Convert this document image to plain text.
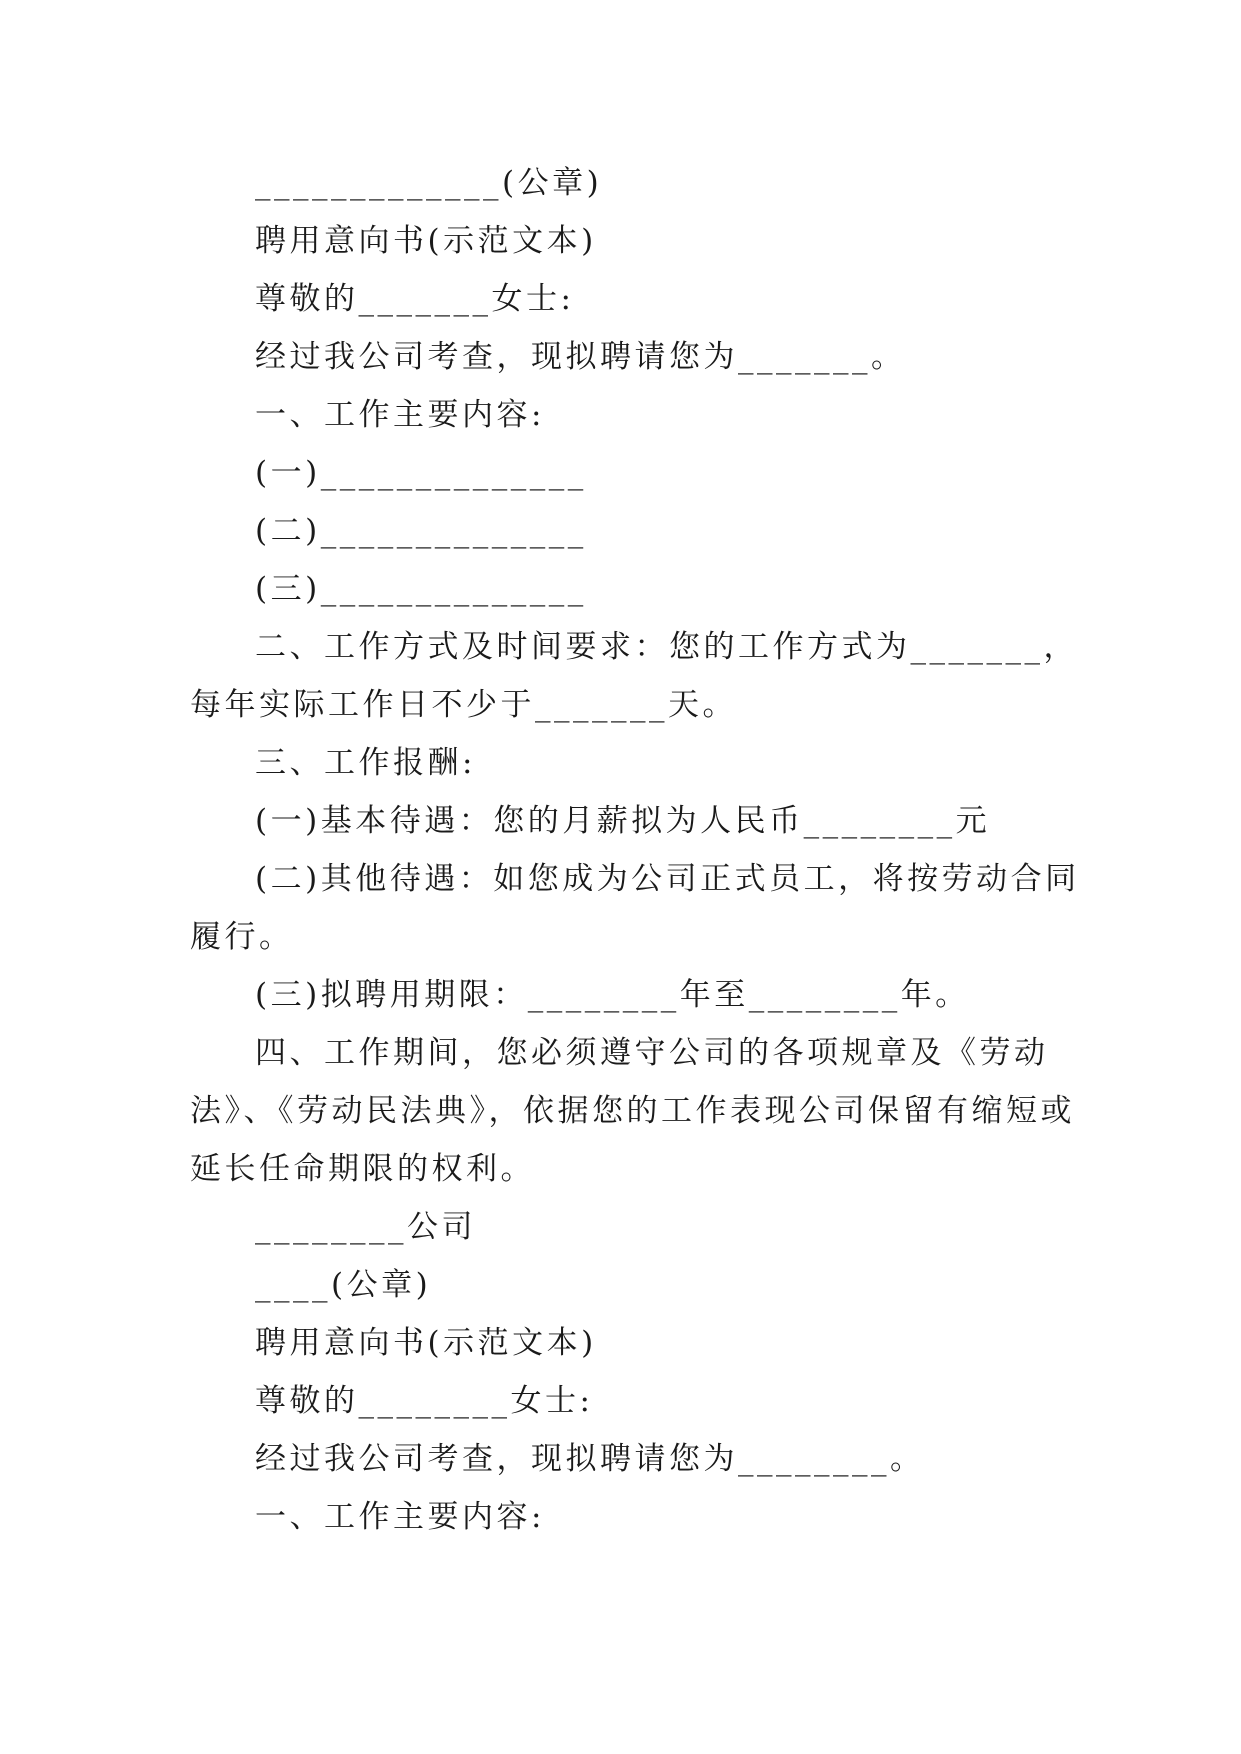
_____________(公章)
聘用意向书(示范文本)
尊敬的_______女士:
经过我公司考查，现拟聘请您为_______。
一、工作主要内容:
(一)______________
(二)______________
(三)______________
二、工作方式及时间要求：您的工作方式为_______，
每年实际工作日不少于_______天。
三、工作报酬:
(一)基本待遇：您的月薪拟为人民币________元
(二)其他待遇：如您成为公司正式员工，将按劳动合同
履行。
(三)拟聘用期限：________年至________年。
四、工作期间，您必须遵守公司的各项规章及《劳动
法》、《劳动民法典》，依据您的工作表现公司保留有缩短或
延长任命期限的权利。
________公司
____(公章)
聘用意向书(示范文本)
尊敬的________女士:
经过我公司考查，现拟聘请您为________。
一、工作主要内容:
